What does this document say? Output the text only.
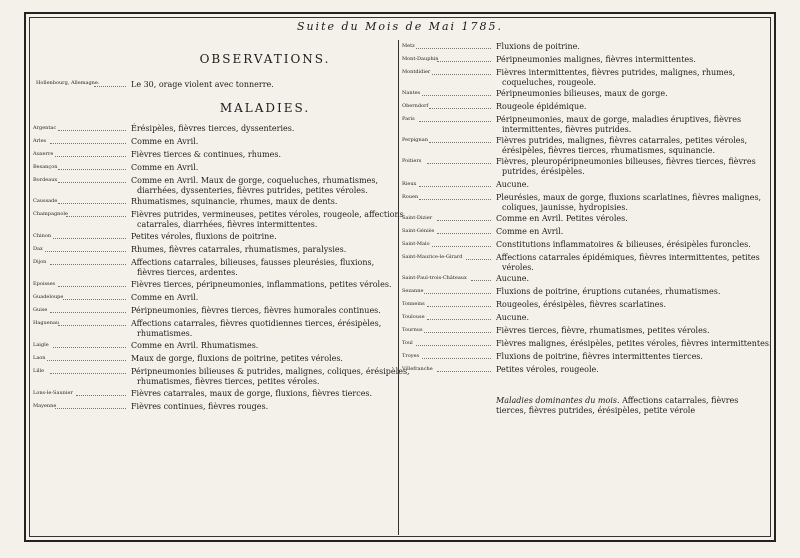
Suite du Mois de Mai 1785.
OBSERVATIONS.
Hollenbourg, Allemagne.	Le 30, orage violent avec tonnerre.
MALADIES.
Argentac	Érésipèles, fièvres tierces, dyssenteries.
Arles	Comme en Avril.
Auxerre	Fièvres tierces & continues, rhumes.
Besançon	Comme en Avril.
Bordeaux	Comme en Avril. Maux de gorge, coqueluches, rhumatismes,
diarrhées, dyssenteries, fièvres putrides, petites véroles.
Caussade	Rhumatismes, squinancie, rhumes, maux de dents.
Champagnole	Fièvres putrides, vermineuses, petites véroles, rougeole, affections
catarrales, diarrhées, fièvres intermittentes.
Chinon	Petites véroles, fluxions de poitrine.
Dax	Rhumes, fièvres catarrales, rhumatismes, paralysies.
Dijon	Affections catarrales, bilieuses, fausses pleurésies, fluxions,
fièvres tierces, ardentes.
Epoisses	Fièvres tierces, péripneumonies, inflammations, petites véroles.
Guadeloupe	Comme en Avril.
Guise	Péripneumonies, fièvres tierces, fièvres humorales continues.
Haguenau	Affections catarrales, fièvres quotidiennes tierces, érésipèles,
rhumatismes.
Laigle	Comme en Avril. Rhumatismes.
Laon	Maux de gorge, fluxions de poitrine, petites véroles.
Lille	Péripneumonies bilieuses & putrides, malignes, coliques, érésipèles,
rhumatismes, fièvres tierces, petites véroles.
Lons-le-Saunier	Fièvres catarrales, maux de gorge, fluxions, fièvres tierces.
Mayenne	Fièvres continues, fièvres rouges.
Metz	Fluxions de poitrine.
Mont-Dauphin	Péripneumonies malignes, fièvres intermittentes.
Montdidier	Fièvres intermittentes, fièvres putrides, malignes, rhumes,
coqueluches, rougeole.
Nantes	Péripneumonies bilieuses, maux de gorge.
Oberndorf	Rougeole épidémique.
Paris	Péripneumonies, maux de gorge, maladies éruptives, fièvres
intermittentes, fièvres putrides.
Perpignan	Fièvres putrides, malignes, fièvres catarrales, petites véroles,
érésipèles, fièvres tierces, rhumatismes, squinancie.
Poitiers	Fièvres, pleuropéripneumonies bilieuses, fièvres tierces, fièvres
putrides, érésipèles.
Rieux	Aucune.
Rouen	Pleurésies, maux de gorge, fluxions scarlatines, fièvres malignes,
coliques, jaunisse, hydropisies.
Saint-Dizier	Comme en Avril. Petites véroles.
Saint-Géniès	Comme en Avril.
Saint-Malo	Constitutions inflammatoires & bilieuses, érésipèles furoncles.
Saint-Maurice-le-Girard	Affections catarrales épidémiques, fièvres intermittentes, petites
véroles.
Saint-Paul-trois-Châteaux	Aucune.
Sezanne	Fluxions de poitrine, éruptions cutanées, rhumatismes.
Tonneins	Rougeoles, érésipèles, fièvres scarlatines.
Toulouse	Aucune.
Tournus	Fièvres tierces, fièvre, rhumatismes, petites véroles.
Toul	Fièvres malignes, érésipèles, petites véroles, fièvres intermittentes.
Troyes	Fluxions de poitrine, fièvres intermittentes tierces.
Villefranche	Petites véroles, rougeole.
Maladies dominantes du mois. Affections catarrales, fièvres tierces, fièvres putrides, érésipèles, petite vérole
